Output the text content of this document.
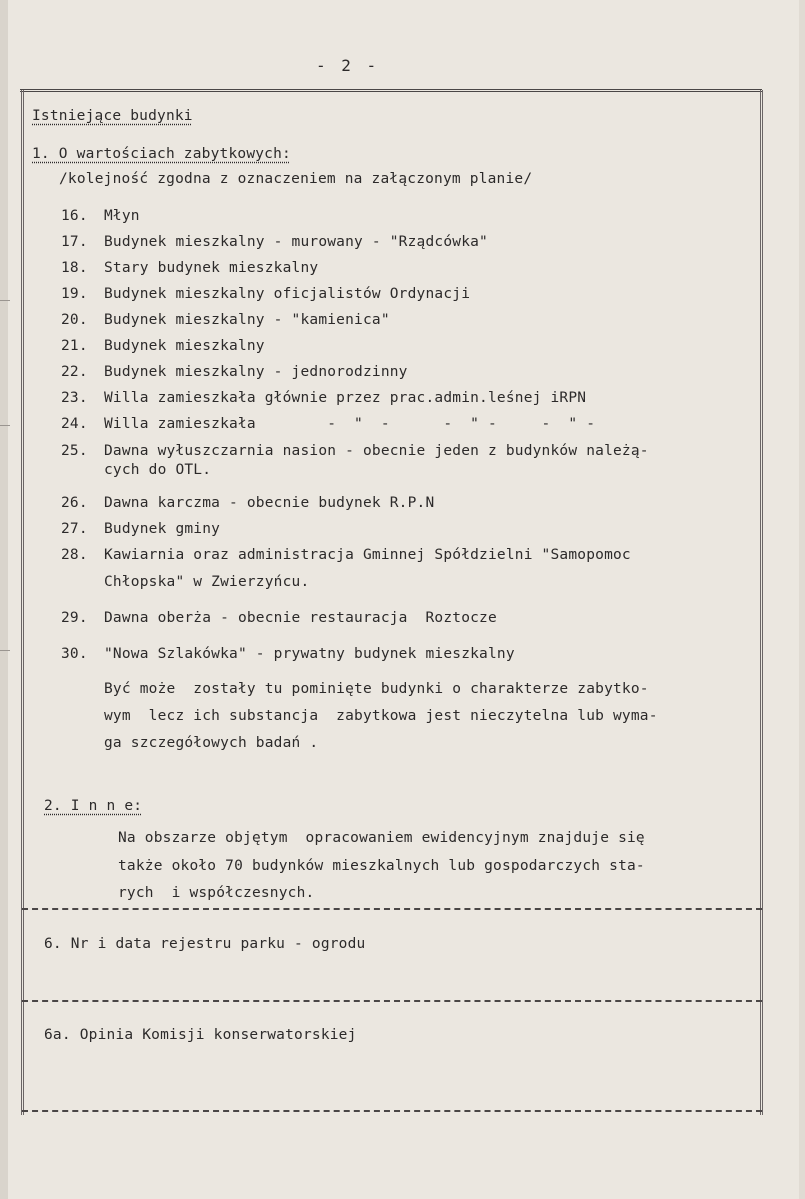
- 2 -
Istniejące budynki
1. O wartościach zabytkowych:
/kolejność zgodna z oznaczeniem na załączonym planie/
16. Młyn
17. Budynek mieszkalny - murowany - "Rządcówka"
18. Stary budynek mieszkalny
19. Budynek mieszkalny oficjalistów Ordynacji
20. Budynek mieszkalny - "kamienica"
21. Budynek mieszkalny
22. Budynek mieszkalny - jednorodzinny
23. Willa zamieszkała głównie przez prac.admin.leśnej iRPN
24. Willa zamieszkała        -  "  -      -  " -     -  " -
25. Dawna wyłuszczarnia nasion - obecnie jeden z budynków należą-
cych do OTL.
26. Dawna karczma - obecnie budynek R.P.N
27. Budynek gminy
28. Kawiarnia oraz administracja Gminnej Spółdzielni "Samopomoc
Chłopska" w Zwierzyńcu.
29. Dawna oberża - obecnie restauracja  Roztocze
30. "Nowa Szlakówka" - prywatny budynek mieszkalny
Być może  zostały tu pominięte budynki o charakterze zabytko-
wym  lecz ich substancja  zabytkowa jest nieczytelna lub wyma-
ga szczegółowych badań .
2. I n n e:
Na obszarze objętym  opracowaniem ewidencyjnym znajduje się
także około 70 budynków mieszkalnych lub gospodarczych sta-
rych  i współczesnych.
6. Nr i data rejestru parku - ogrodu
6a. Opinia Komisji konserwatorskiej
